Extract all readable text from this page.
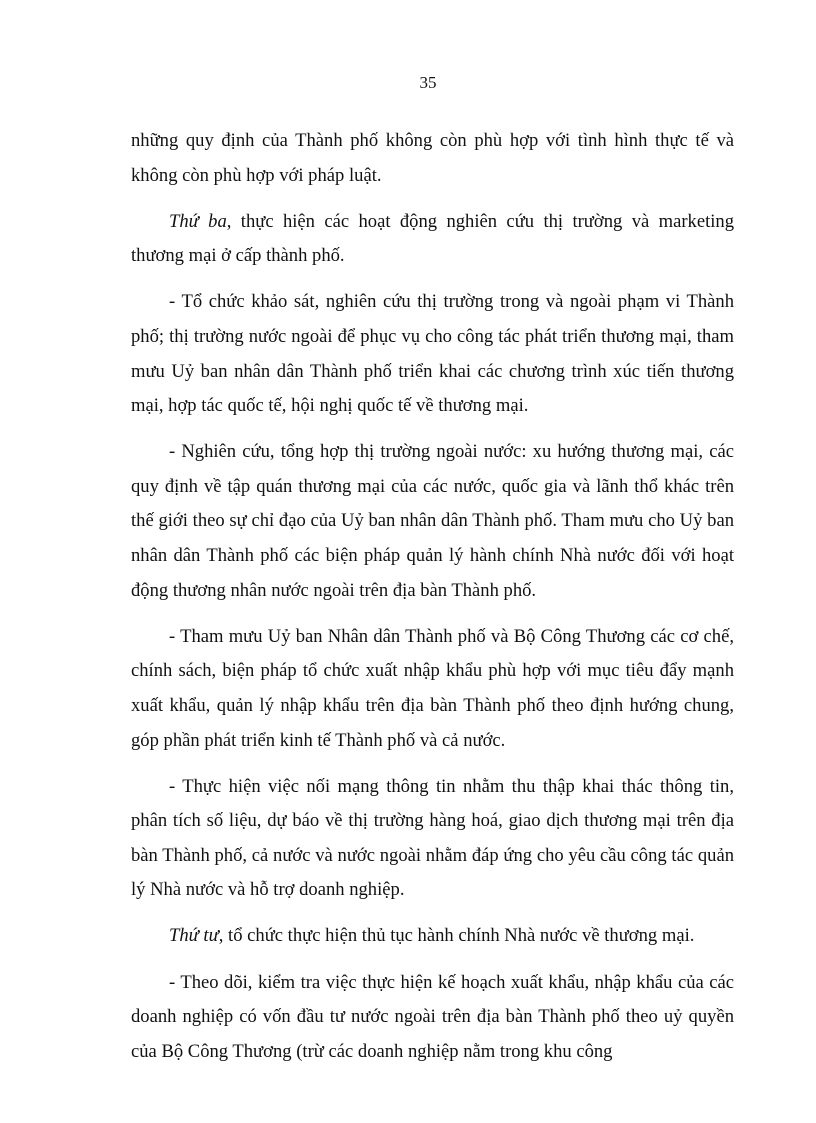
35

những quy định của Thành phố không còn phù hợp với tình hình thực tế và không còn phù hợp với pháp luật.

Thứ ba, thực hiện các hoạt động nghiên cứu thị trường và marketing thương mại ở cấp thành phố.

- Tổ chức khảo sát, nghiên cứu thị trường trong và ngoài phạm vi Thành phố; thị trường nước ngoài để phục vụ cho công tác phát triển thương mại, tham mưu Uỷ ban nhân dân Thành phố triển khai các chương trình xúc tiến thương mại, hợp tác quốc tế, hội nghị quốc tế về thương mại.

- Nghiên cứu, tổng hợp thị trường ngoài nước: xu hướng thương mại, các quy định về tập quán thương mại của các nước, quốc gia và lãnh thổ khác trên thế giới theo sự chỉ đạo của Uỷ ban nhân dân Thành phố. Tham mưu cho Uỷ ban nhân dân Thành phố các biện pháp quản lý hành chính Nhà nước đối với hoạt động thương nhân nước ngoài trên địa bàn Thành phố.

- Tham mưu Uỷ ban Nhân dân Thành phố và Bộ Công Thương các cơ chế, chính sách, biện pháp tổ chức xuất nhập khẩu phù hợp với mục tiêu đẩy mạnh xuất khẩu, quản lý nhập khẩu trên địa bàn Thành phố theo định hướng chung, góp phần phát triển kinh tế Thành phố và cả nước.

- Thực hiện việc nối mạng thông tin nhằm thu thập khai thác thông tin, phân tích số liệu, dự báo về thị trường hàng hoá, giao dịch thương mại trên địa bàn Thành phố, cả nước và nước ngoài nhằm đáp ứng cho yêu cầu công tác quản lý Nhà nước và hỗ trợ doanh nghiệp.

Thứ tư, tổ chức thực hiện thủ tục hành chính Nhà nước về thương mại.

- Theo dõi, kiểm tra việc thực hiện kế hoạch xuất khẩu, nhập khẩu của các doanh nghiệp có vốn đầu tư nước ngoài trên địa bàn Thành phố theo uỷ quyền của Bộ Công Thương (trừ các doanh nghiệp nằm trong khu công
